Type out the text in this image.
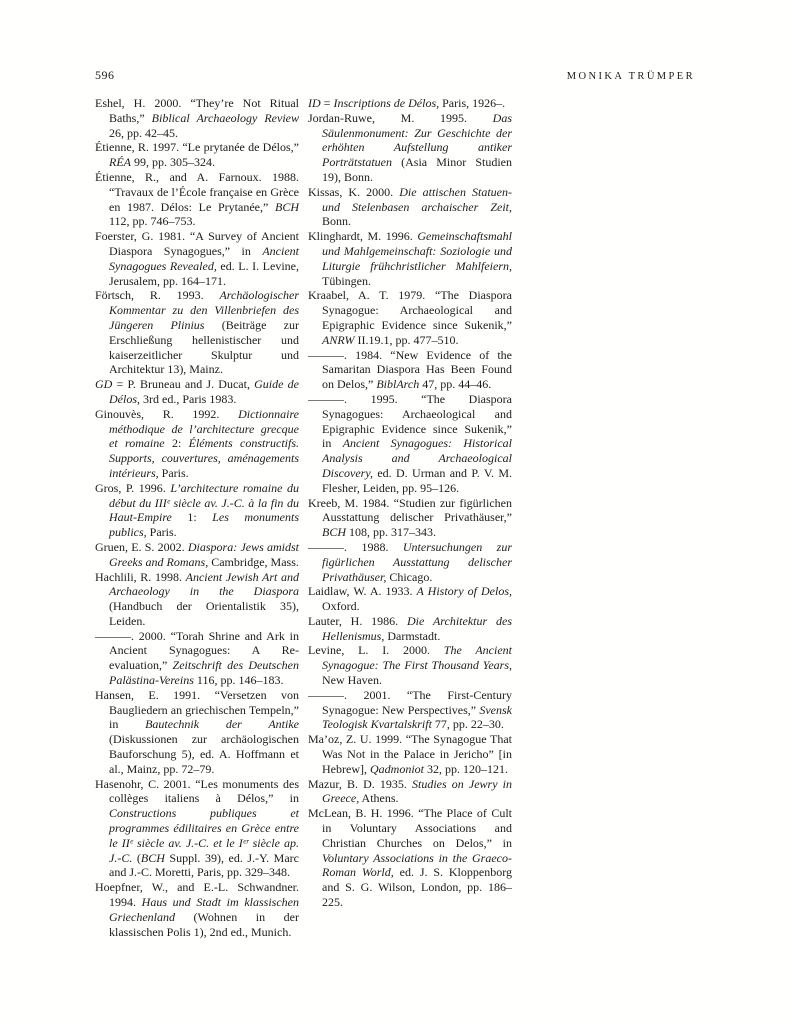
596	MONIKA TRÜMPER

Eshel, H. 2000. “They’re Not Ritual Baths,” Biblical Archaeology Review 26, pp. 42–45.

Étienne, R. 1997. “Le prytanée de Délos,” RÉA 99, pp. 305–324.

Étienne, R., and A. Farnoux. 1988. “Travaux de l’École française en Grèce en 1987. Délos: Le Prytanée,” BCH 112, pp. 746–753.

Foerster, G. 1981. “A Survey of Ancient Diaspora Synagogues,” in Ancient Synagogues Revealed, ed. L. I. Levine, Jerusalem, pp. 164–171.

Förtsch, R. 1993. Archäologischer Kommentar zu den Villenbriefen des Jüngeren Plinius (Beiträge zur Erschließung hellenistischer und kaiserzeitlicher Skulptur und Architektur 13), Mainz.

GD = P. Bruneau and J. Ducat, Guide de Délos, 3rd ed., Paris 1983.

Ginouvès, R. 1992. Dictionnaire méthodique de l’architecture grecque et romaine 2: Éléments constructifs. Supports, couvertures, aménagements intérieurs, Paris.

Gros, P. 1996. L’architecture romaine du début du IIIᵉ siècle av. J.-C. à la fin du Haut-Empire 1: Les monuments publics, Paris.

Gruen, E. S. 2002. Diaspora: Jews amidst Greeks and Romans, Cambridge, Mass.

Hachlili, R. 1998. Ancient Jewish Art and Archaeology in the Diaspora (Handbuch der Orientalistik 35), Leiden.

———. 2000. “Torah Shrine and Ark in Ancient Synagogues: A Re-evaluation,” Zeitschrift des Deutschen Palästina-Vereins 116, pp. 146–183.

Hansen, E. 1991. “Versetzen von Baugliedern an griechischen Tempeln,” in Bautechnik der Antike (Diskussionen zur archäologischen Bauforschung 5), ed. A. Hoffmann et al., Mainz, pp. 72–79.

Hasenohr, C. 2001. “Les monuments des collèges italiens à Délos,” in Constructions publiques et programmes édilitaires en Grèce entre le IIᵉ siècle av. J.-C. et le Iᵉʳ siècle ap. J.-C. (BCH Suppl. 39), ed. J.-Y. Marc and J.-C. Moretti, Paris, pp. 329–348.

Hoepfner, W., and E.-L. Schwandner. 1994. Haus und Stadt im klassischen Griechenland (Wohnen in der klassischen Polis 1), 2nd ed., Munich.

ID = Inscriptions de Délos, Paris, 1926–.

Jordan-Ruwe, M. 1995. Das Säulenmonument: Zur Geschichte der erhöhten Aufstellung antiker Porträtstatuen (Asia Minor Studien 19), Bonn.

Kissas, K. 2000. Die attischen Statuen- und Stelenbasen archaischer Zeit, Bonn.

Klinghardt, M. 1996. Gemeinschaftsmahl und Mahlgemeinschaft: Soziologie und Liturgie frühchristlicher Mahlfeiern, Tübingen.

Kraabel, A. T. 1979. “The Diaspora Synagogue: Archaeological and Epigraphic Evidence since Sukenik,” ANRW II.19.1, pp. 477–510.

———. 1984. “New Evidence of the Samaritan Diaspora Has Been Found on Delos,” BiblArch 47, pp. 44–46.

———. 1995. “The Diaspora Synagogues: Archaeological and Epigraphic Evidence since Sukenik,” in Ancient Synagogues: Historical Analysis and Archaeological Discovery, ed. D. Urman and P. V. M. Flesher, Leiden, pp. 95–126.

Kreeb, M. 1984. “Studien zur figürlichen Ausstattung delischer Privathäuser,” BCH 108, pp. 317–343.

———. 1988. Untersuchungen zur figürlichen Ausstattung delischer Privathäuser, Chicago.

Laidlaw, W. A. 1933. A History of Delos, Oxford.

Lauter, H. 1986. Die Architektur des Hellenismus, Darmstadt.

Levine, L. I. 2000. The Ancient Synagogue: The First Thousand Years, New Haven.

———. 2001. “The First-Century Synagogue: New Perspectives,” Svensk Teologisk Kvartalskrift 77, pp. 22–30.

Ma’oz, Z. U. 1999. “The Synagogue That Was Not in the Palace in Jericho” [in Hebrew], Qadmoniot 32, pp. 120–121.

Mazur, B. D. 1935. Studies on Jewry in Greece, Athens.

McLean, B. H. 1996. “The Place of Cult in Voluntary Associations and Christian Churches on Delos,” in Voluntary Associations in the Graeco-Roman World, ed. J. S. Kloppenborg and S. G. Wilson, London, pp. 186–225.
